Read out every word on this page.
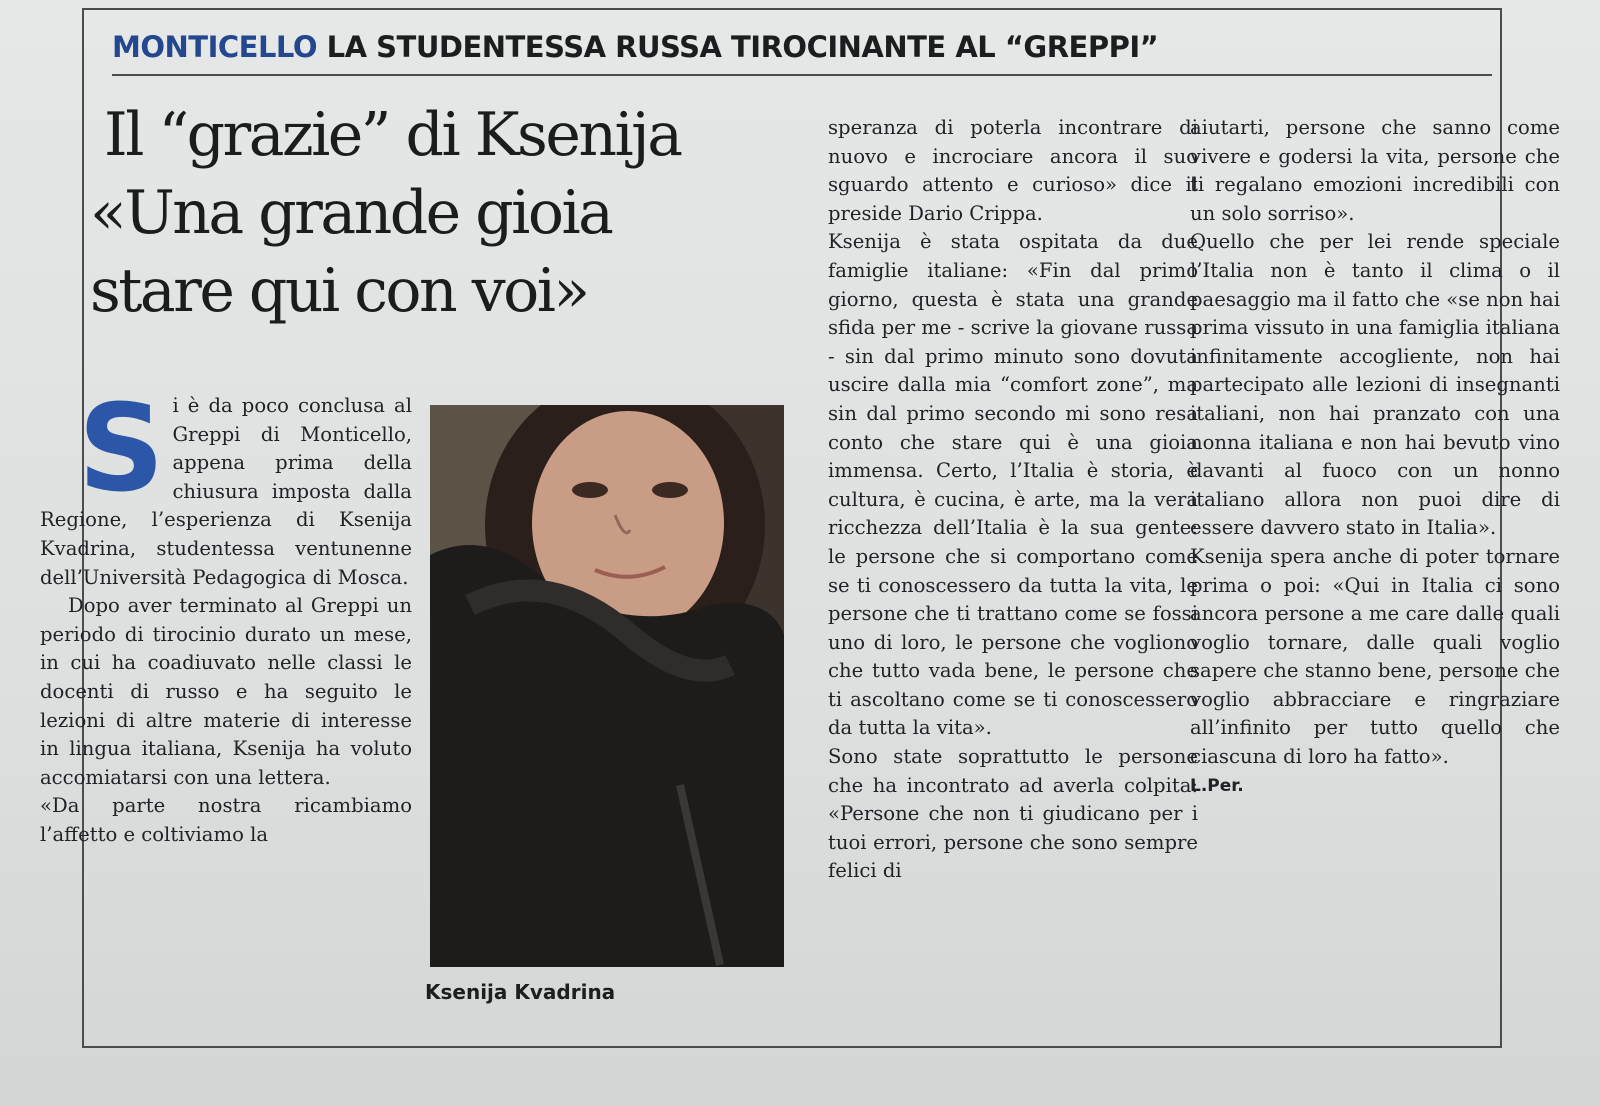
MONTICELLO LA STUDENTESSA RUSSA TIROCINANTE AL “GREPPI”
Il “grazie” di Ksenija
«Una grande gioia
stare qui con voi»

Si è da poco conclusa al Greppi di Monticello, appena prima della chiusura imposta dalla Regione, l’esperienza di Ksenija Kvadrina, studentessa ventunenne dell’Università Pedagogica di Mosca.

Dopo aver terminato al Greppi un periodo di tirocinio durato un mese, in cui ha coadiuvato nelle classi le docenti di russo e ha seguito le lezioni di altre materie di interesse in lingua italiana, Ksenija ha voluto accomiatarsi con una lettera.

«Da parte nostra ricambiamo l’affetto e coltiviamo la

Ksenija Kvadrina

speranza di poterla incontrare di nuovo e incrociare ancora il suo sguardo attento e curioso» dice il preside Dario Crippa.

Ksenija è stata ospitata da due famiglie italiane: «Fin dal primo giorno, questa è stata una grande sfida per me - scrive la giovane russa - sin dal primo minuto sono dovuta uscire dalla mia “comfort zone”, ma sin dal primo secondo mi sono resa conto che stare qui è una gioia immensa. Certo, l’Italia è storia, è cultura, è cucina, è arte, ma la vera ricchezza dell’Italia è la sua gente: le persone che si comportano come se ti conoscessero da tutta la vita, le persone che ti trattano come se fossi uno di loro, le persone che vogliono che tutto vada bene, le persone che ti ascoltano come se ti conoscessero da tutta la vita».

Sono state soprattutto le persone che ha incontrato ad averla colpita: «Persone che non ti giudicano per i tuoi errori, persone che sono sempre felici di

aiutarti, persone che sanno come vivere e godersi la vita, persone che ti regalano emozioni incredibili con un solo sorriso».

Quello che per lei rende speciale l’Italia non è tanto il clima o il paesaggio ma il fatto che «se non hai prima vissuto in una famiglia italiana infinitamente accogliente, non hai partecipato alle lezioni di insegnanti italiani, non hai pranzato con una nonna italiana e non hai bevuto vino davanti al fuoco con un nonno italiano allora non puoi dire di essere davvero stato in Italia».

Ksenija spera anche di poter tornare prima o poi: «Qui in Italia ci sono ancora persone a me care dalle quali voglio tornare, dalle quali voglio sapere che stanno bene, persone che voglio abbracciare e ringraziare all’infinito per tutto quello che ciascuna di loro ha fatto».

L.Per.
